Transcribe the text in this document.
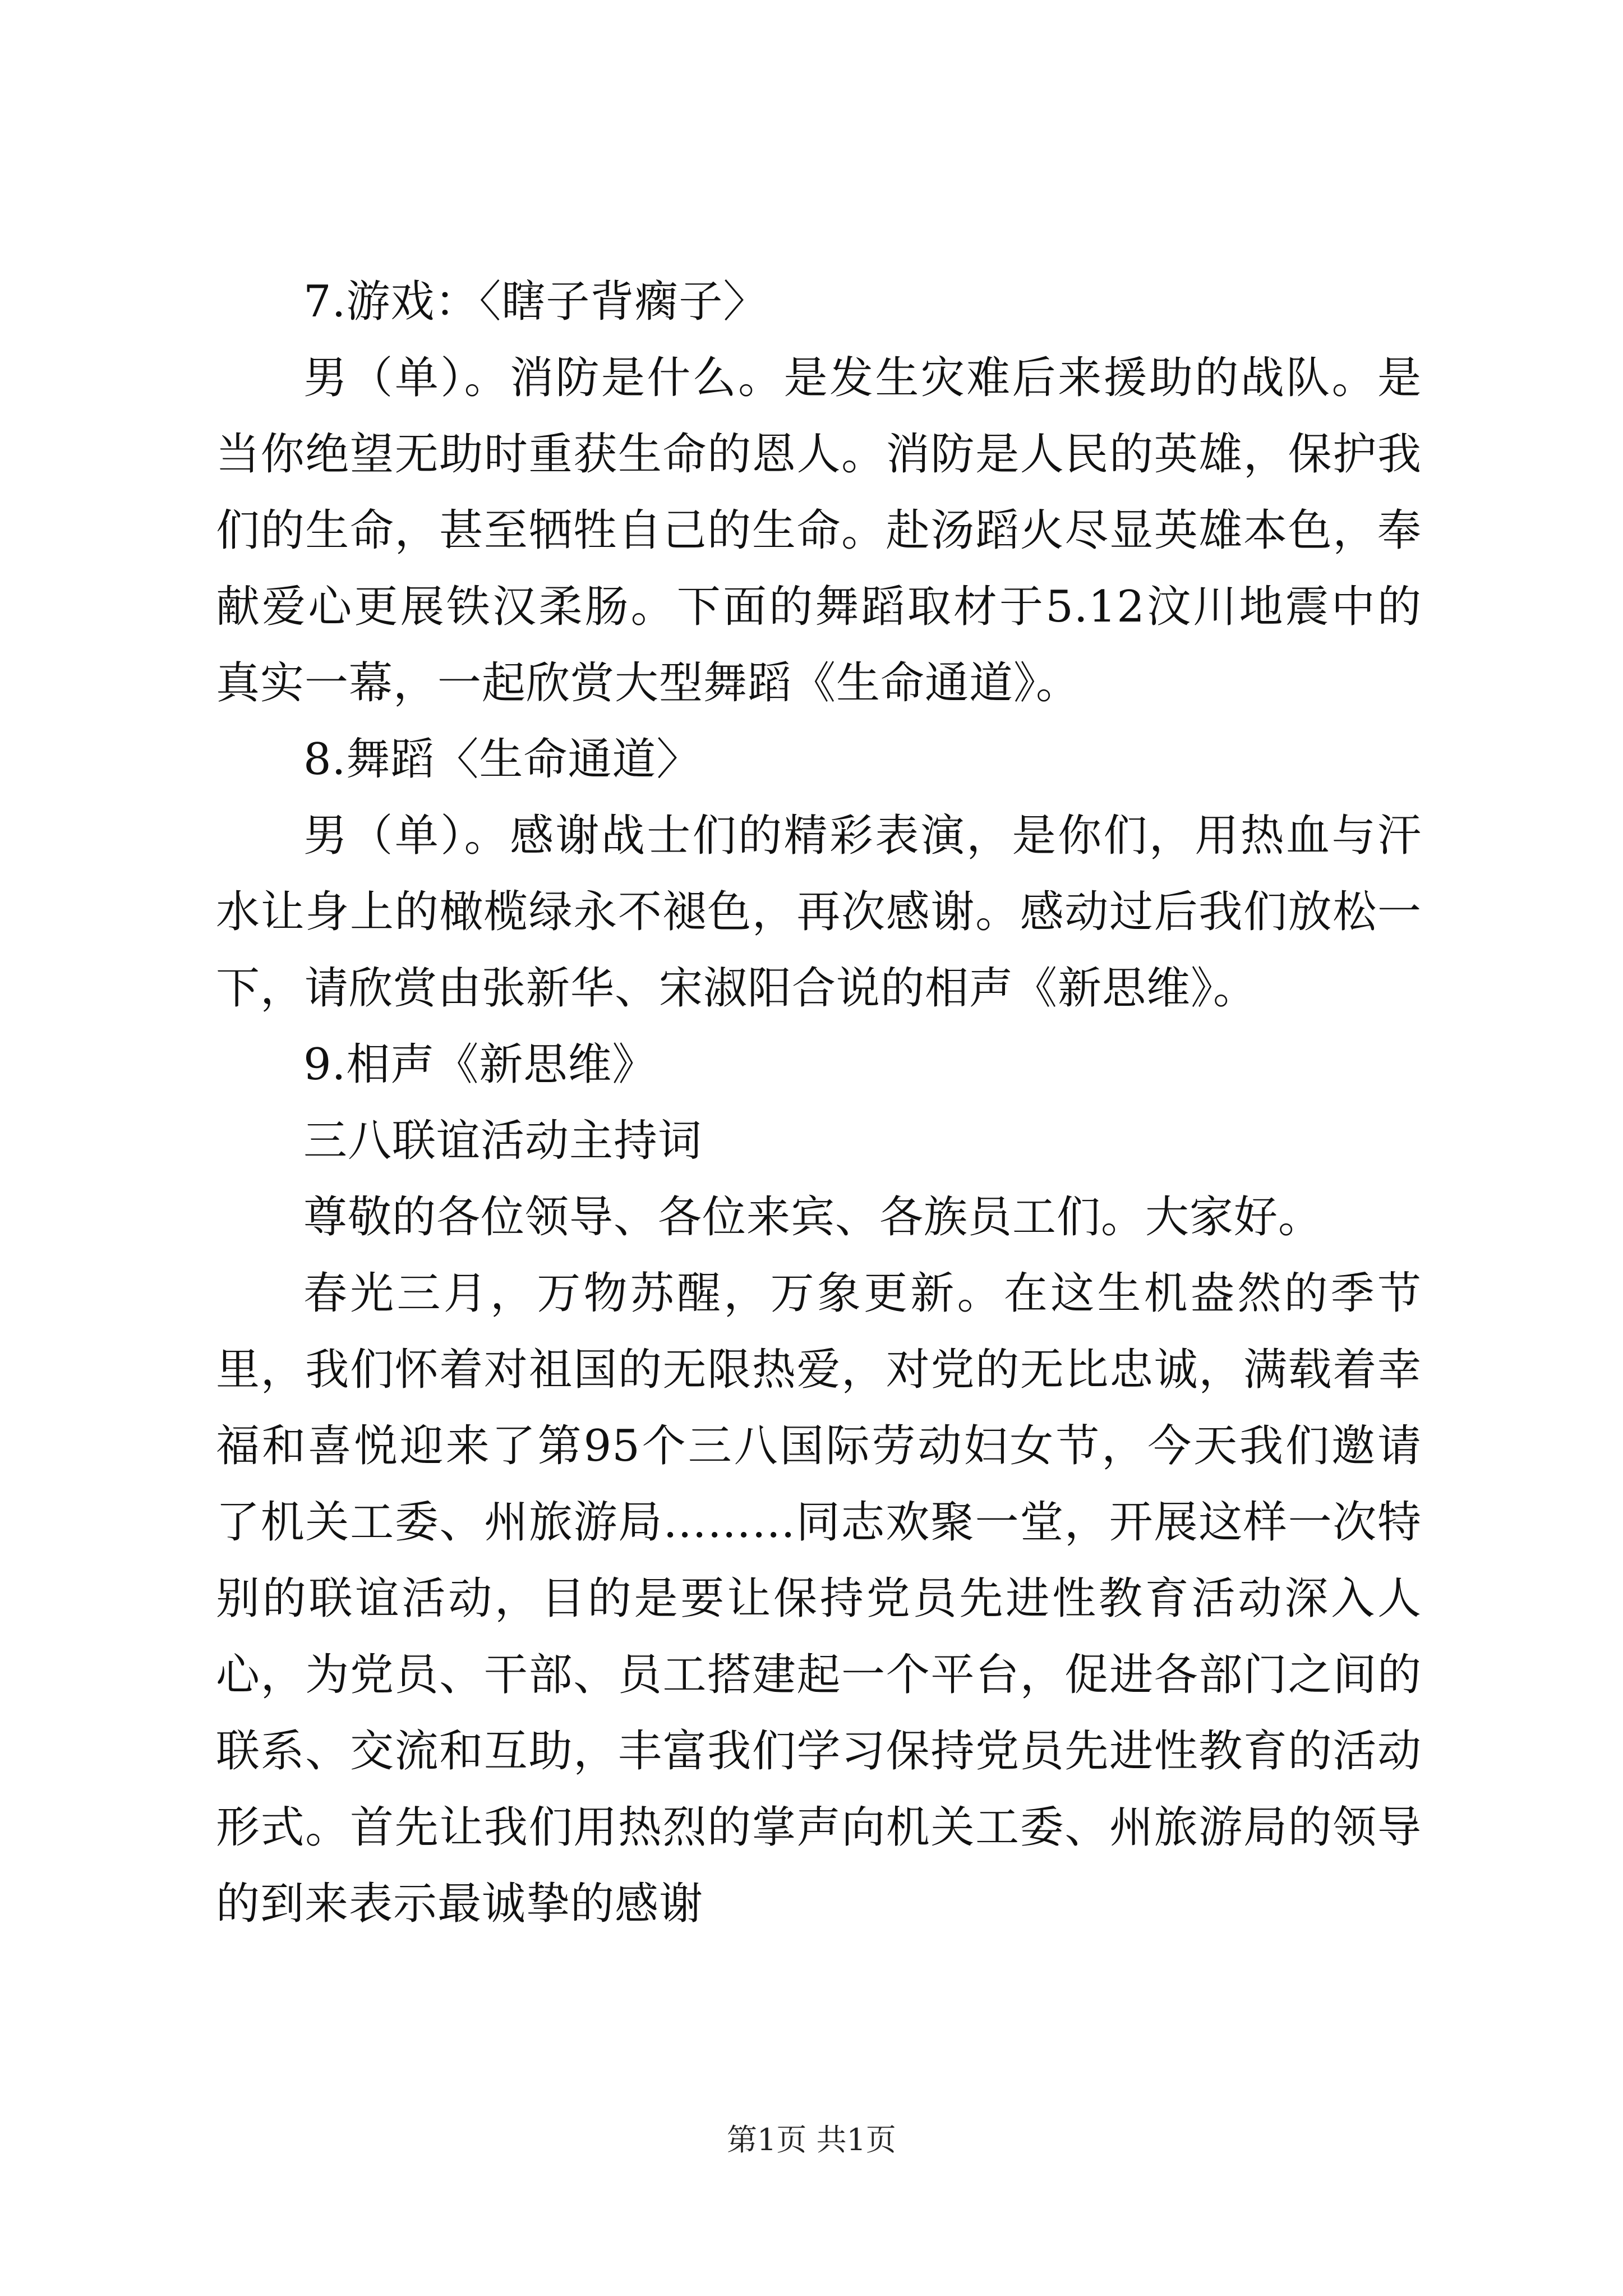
7.游戏：〈瞎子背瘸子〉

男（单）。消防是什么。是发生灾难后来援助的战队。是当你绝望无助时重获生命的恩人。消防是人民的英雄，保护我们的生命，甚至牺牲自己的生命。赴汤蹈火尽显英雄本色，奉献爱心更展铁汉柔肠。下面的舞蹈取材于5.12汶川地震中的真实一幕，一起欣赏大型舞蹈《生命通道》。

8.舞蹈〈生命通道〉

男（单）。感谢战士们的精彩表演，是你们，用热血与汗水让身上的橄榄绿永不褪色，再次感谢。感动过后我们放松一下，请欣赏由张新华、宋淑阳合说的相声《新思维》。

9.相声《新思维》

三八联谊活动主持词

尊敬的各位领导、各位来宾、各族员工们。大家好。

春光三月，万物苏醒，万象更新。在这生机盎然的季节里，我们怀着对祖国的无限热爱，对党的无比忠诚，满载着幸福和喜悦迎来了第95个三八国际劳动妇女节，今天我们邀请了机关工委、州旅游局………同志欢聚一堂，开展这样一次特别的联谊活动，目的是要让保持党员先进性教育活动深入人心，为党员、干部、员工搭建起一个平台，促进各部门之间的联系、交流和互助，丰富我们学习保持党员先进性教育的活动形式。首先让我们用热烈的掌声向机关工委、州旅游局的领导的到来表示最诚挚的感谢

第1页 共1页
